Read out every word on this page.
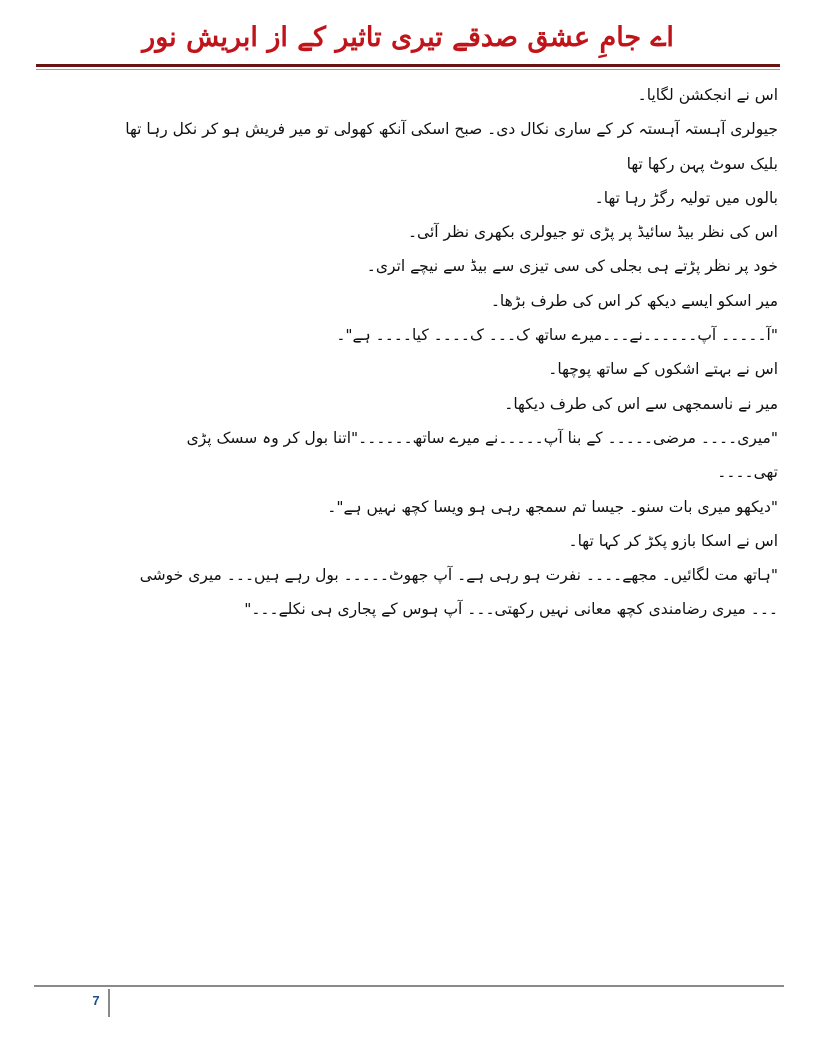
اے جامِ عشق صدقے تیری تاثیر کے از ابریش نور
اس نے انجکشن لگایا۔
جیولری آہستہ آہستہ کر کے ساری نکال دی۔ صبح اسکی آنکھ کھولی تو میر فریش ہو کر نکل رہا تھا
بلیک سوٹ پہن رکھا تھا
بالوں میں تولیہ رگڑ رہا تھا۔
اس کی نظر بیڈ سائیڈ پر پڑی تو جیولری بکھری نظر آئی۔
خود پر نظر پڑتے ہی بجلی کی سی تیزی سے بیڈ سے نیچے اتری۔
میر اسکو ایسے دیکھ کر اس کی طرف بڑھا۔
"آ۔۔۔۔۔ آپ۔۔۔۔۔۔نے۔۔۔میرے ساتھ ک۔۔۔ ک۔۔۔۔ کیا۔۔۔۔ ہے"۔
اس نے بہتے اشکوں کے ساتھ پوچھا۔
میر نے ناسمجھی سے اس کی طرف دیکھا۔
"میری۔۔۔۔ مرضی۔۔۔۔۔ کے بنا آپ۔۔۔۔۔نے میرے ساتھ۔۔۔۔۔۔"اتنا بول کر وہ سسک پڑی
تھی۔۔۔۔
"دیکھو میری بات سنو۔ جیسا تم سمجھ رہی ہو ویسا کچھ نہیں ہے"۔
اس نے اسکا بازو پکڑ کر کہا تھا۔
"ہاتھ مت لگائیں۔ مجھے۔۔۔۔ نفرت ہو رہی ہے۔ آپ جھوٹ۔۔۔۔۔ بول رہے ہیں۔۔۔ میری خوشی
۔۔۔ میری رضامندی کچھ معانی نہیں رکھتی۔۔۔ آپ ہوس کے پجاری ہی نکلے۔۔۔"
7
